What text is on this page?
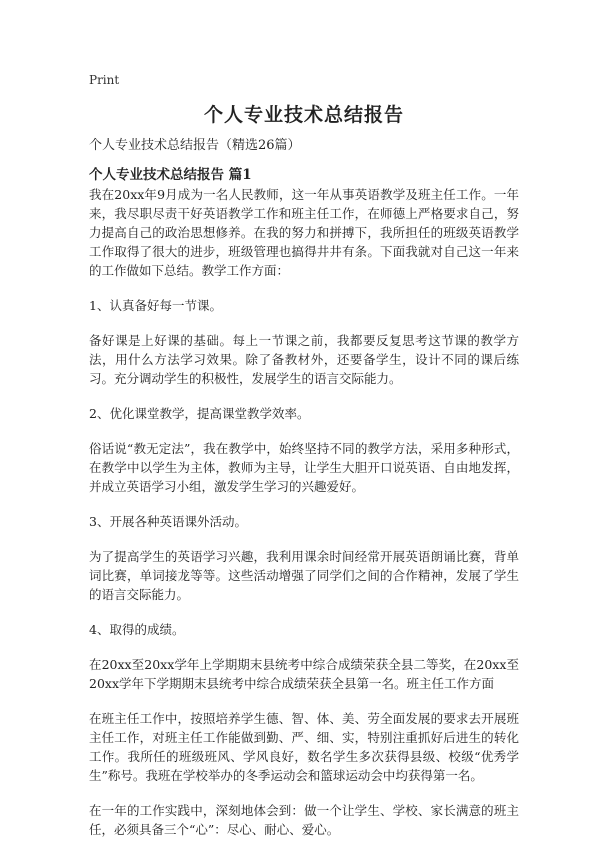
Print
个人专业技术总结报告

个人专业技术总结报告（精选26篇）

个人专业技术总结报告 篇1

我在20xx年9月成为一名人民教师，这一年从事英语教学及班主任工作。一年来，我尽职尽责干好英语教学工作和班主任工作，在师德上严格要求自己，努力提高自己的政治思想修养。在我的努力和拼搏下，我所担任的班级英语教学工作取得了很大的进步，班级管理也搞得井井有条。下面我就对自己这一年来的工作做如下总结。教学工作方面：

1、认真备好每一节课。

备好课是上好课的基础。每上一节课之前，我都要反复思考这节课的教学方法，用什么方法学习效果。除了备教材外，还要备学生，设计不同的课后练习。充分调动学生的积极性，发展学生的语言交际能力。

2、优化课堂教学，提高课堂教学效率。

俗话说“教无定法”，我在教学中，始终坚持不同的教学方法，采用多种形式，在教学中以学生为主体，教师为主导，让学生大胆开口说英语、自由地发挥，并成立英语学习小组，激发学生学习的兴趣爱好。

3、开展各种英语课外活动。

为了提高学生的英语学习兴趣，我利用课余时间经常开展英语朗诵比赛，背单词比赛，单词接龙等等。这些活动增强了同学们之间的合作精神，发展了学生的语言交际能力。

4、取得的成绩。

在20xx至20xx学年上学期期末县统考中综合成绩荣获全县二等奖，在20xx至20xx学年下学期期末县统考中综合成绩荣获全县第一名。班主任工作方面

在班主任工作中，按照培养学生德、智、体、美、劳全面发展的要求去开展班主任工作，对班主任工作能做到勤、严、细、实，特别注重抓好后进生的转化工作。我所任的班级班风、学风良好，数名学生多次获得县级、校级“优秀学生”称号。我班在学校举办的冬季运动会和篮球运动会中均获得第一名。

在一年的工作实践中，深刻地体会到：做一个让学生、学校、家长满意的班主任，必须具备三个“心”：尽心、耐心、爱心。
